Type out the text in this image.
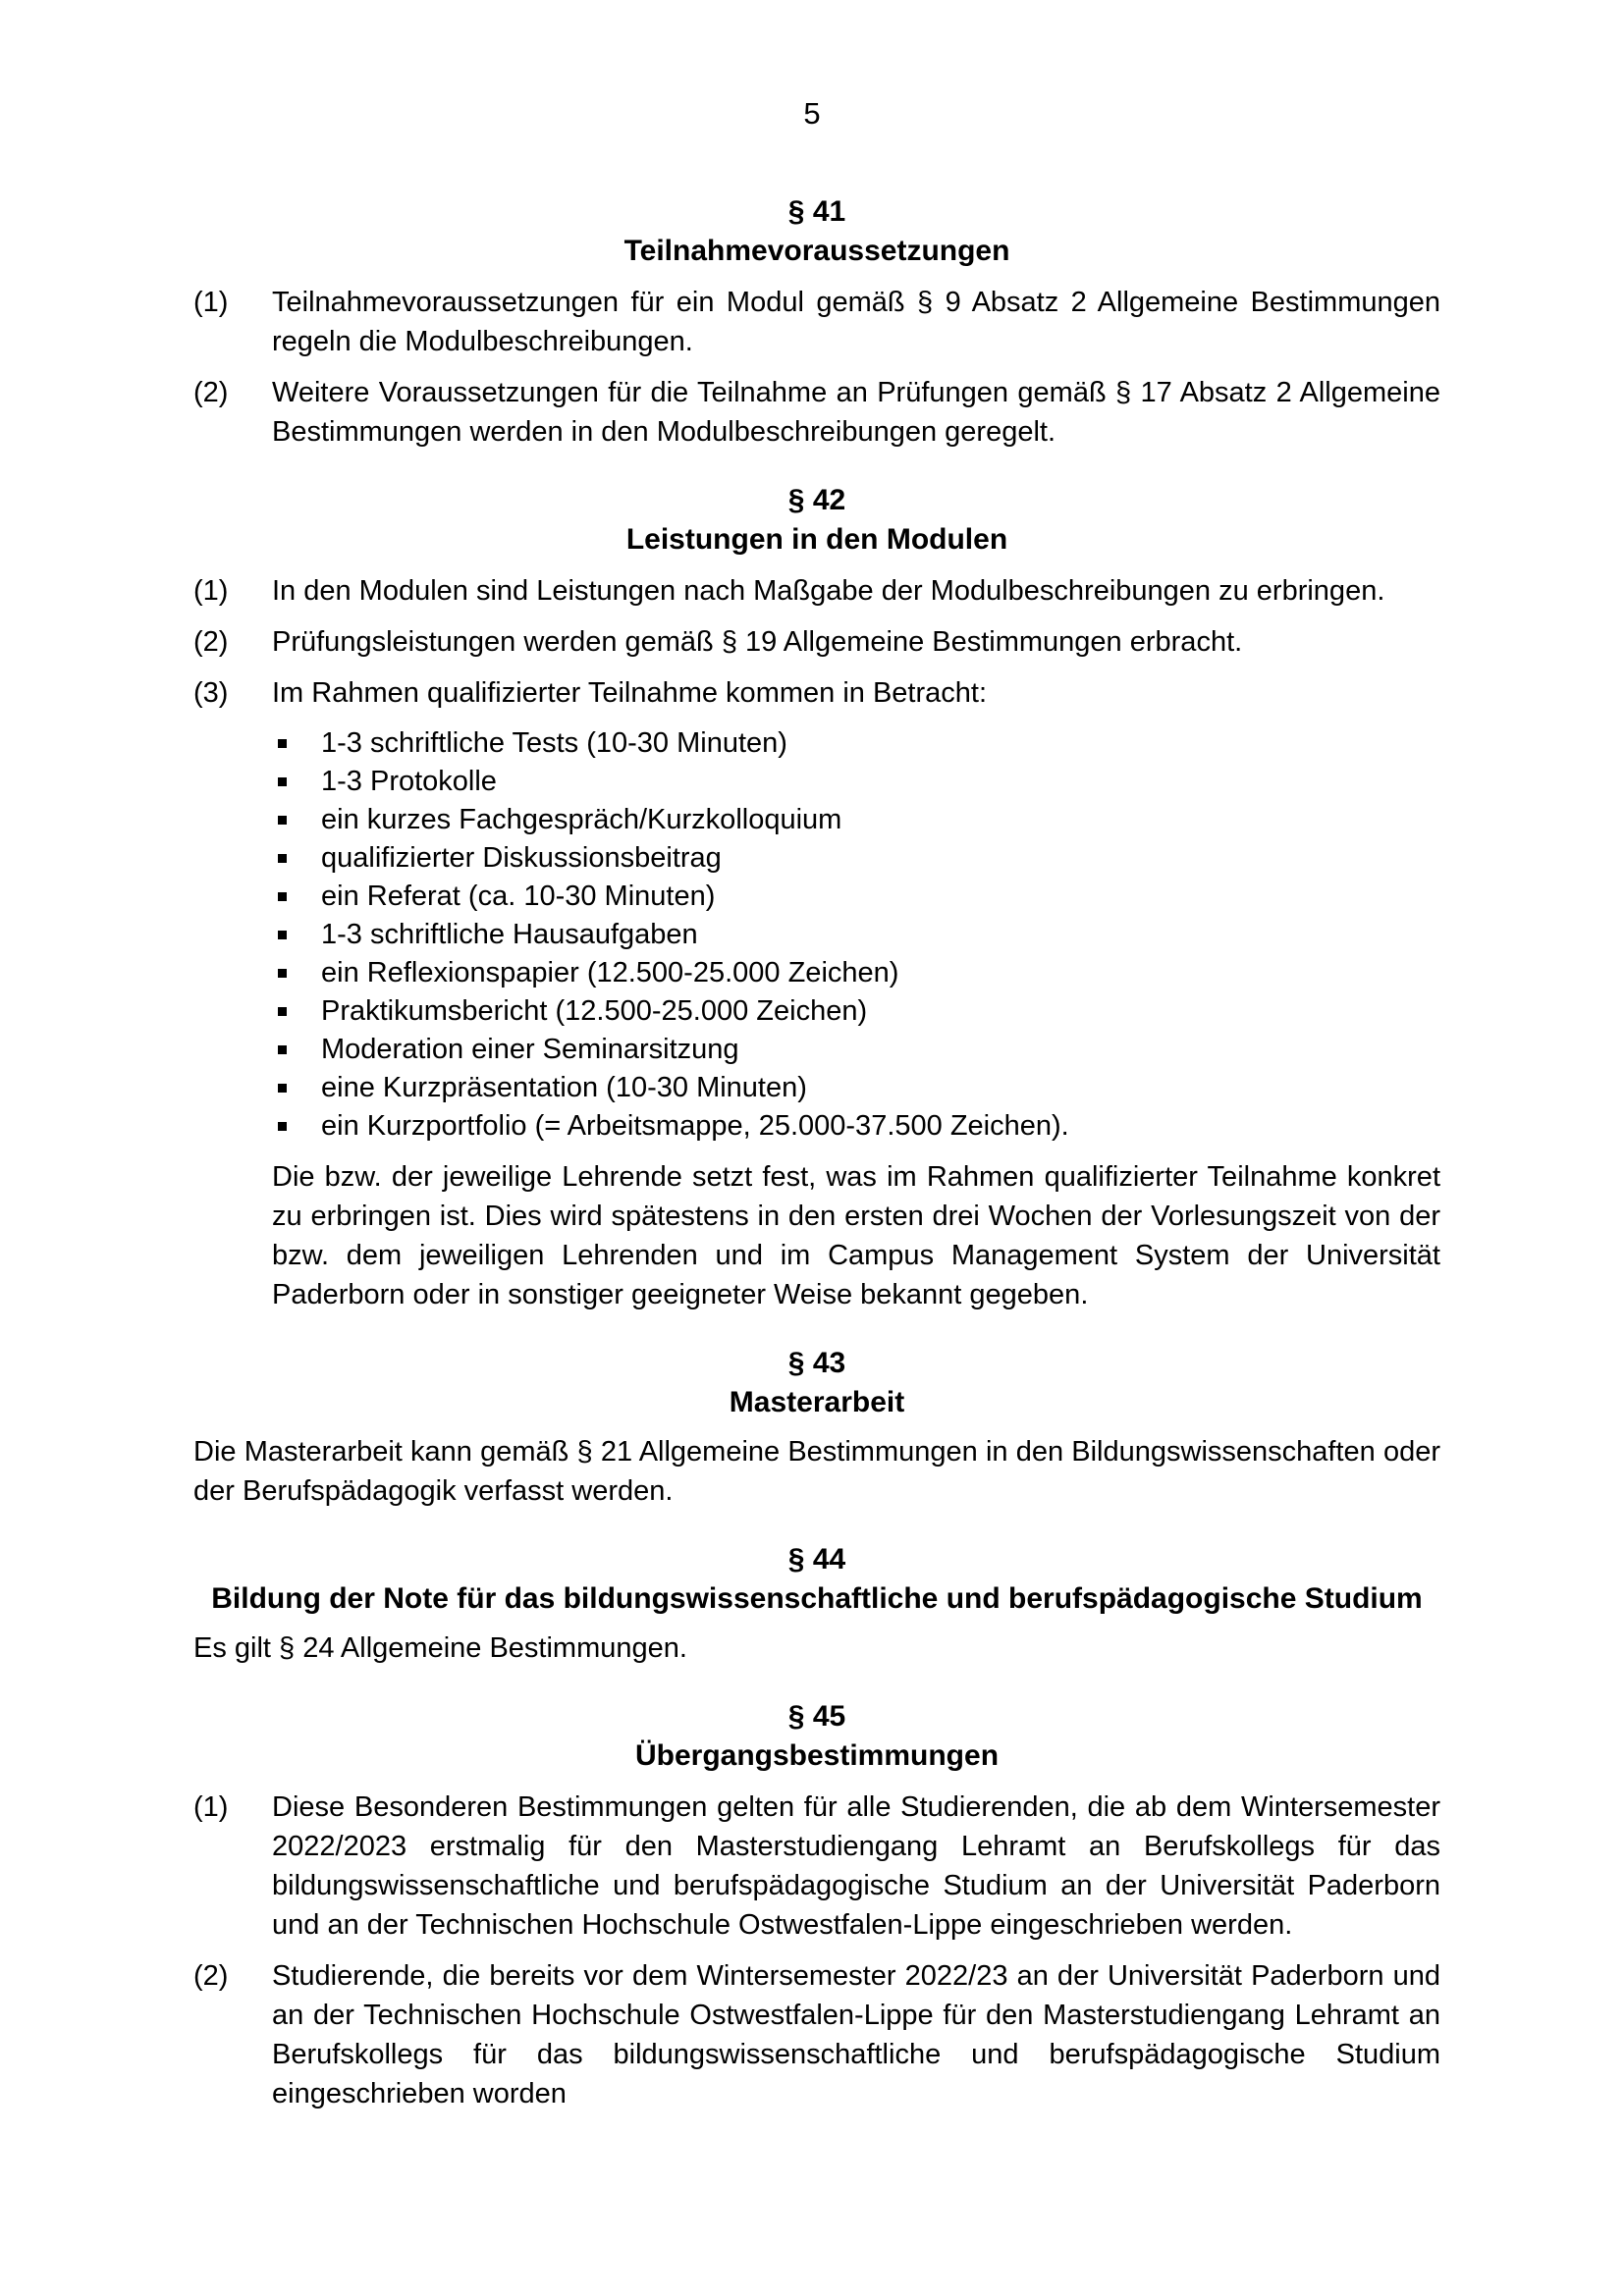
5
§ 41
Teilnahmevoraussetzungen
(1) Teilnahmevoraussetzungen für ein Modul gemäß § 9 Absatz 2 Allgemeine Bestimmungen regeln die Modulbeschreibungen.
(2) Weitere Voraussetzungen für die Teilnahme an Prüfungen gemäß § 17 Absatz 2 Allgemeine Bestimmungen werden in den Modulbeschreibungen geregelt.
§ 42
Leistungen in den Modulen
(1) In den Modulen sind Leistungen nach Maßgabe der Modulbeschreibungen zu erbringen.
(2) Prüfungsleistungen werden gemäß § 19 Allgemeine Bestimmungen erbracht.
(3) Im Rahmen qualifizierter Teilnahme kommen in Betracht:
1-3 schriftliche Tests (10-30 Minuten)
1-3 Protokolle
ein kurzes Fachgespräch/Kurzkolloquium
qualifizierter Diskussionsbeitrag
ein Referat (ca. 10-30 Minuten)
1-3 schriftliche Hausaufgaben
ein Reflexionspapier (12.500-25.000 Zeichen)
Praktikumsbericht (12.500-25.000 Zeichen)
Moderation einer Seminarsitzung
eine Kurzpräsentation (10-30 Minuten)
ein Kurzportfolio (= Arbeitsmappe, 25.000-37.500 Zeichen).
Die bzw. der jeweilige Lehrende setzt fest, was im Rahmen qualifizierter Teilnahme konkret zu erbringen ist. Dies wird spätestens in den ersten drei Wochen der Vorlesungszeit von der bzw. dem jeweiligen Lehrenden und im Campus Management System der Universität Paderborn oder in sonstiger geeigneter Weise bekannt gegeben.
§ 43
Masterarbeit
Die Masterarbeit kann gemäß § 21 Allgemeine Bestimmungen in den Bildungswissenschaften oder der Berufspädagogik verfasst werden.
§ 44
Bildung der Note für das bildungswissenschaftliche und berufspädagogische Studium
Es gilt § 24 Allgemeine Bestimmungen.
§ 45
Übergangsbestimmungen
(1) Diese Besonderen Bestimmungen gelten für alle Studierenden, die ab dem Wintersemester 2022/2023 erstmalig für den Masterstudiengang Lehramt an Berufskollegs für das bildungswissenschaftliche und berufspädagogische Studium an der Universität Paderborn und an der Technischen Hochschule Ostwestfalen-Lippe eingeschrieben werden.
(2) Studierende, die bereits vor dem Wintersemester 2022/23 an der Universität Paderborn und an der Technischen Hochschule Ostwestfalen-Lippe für den Masterstudiengang Lehramt an Berufskollegs für das bildungswissenschaftliche und berufspädagogische Studium eingeschrieben worden
